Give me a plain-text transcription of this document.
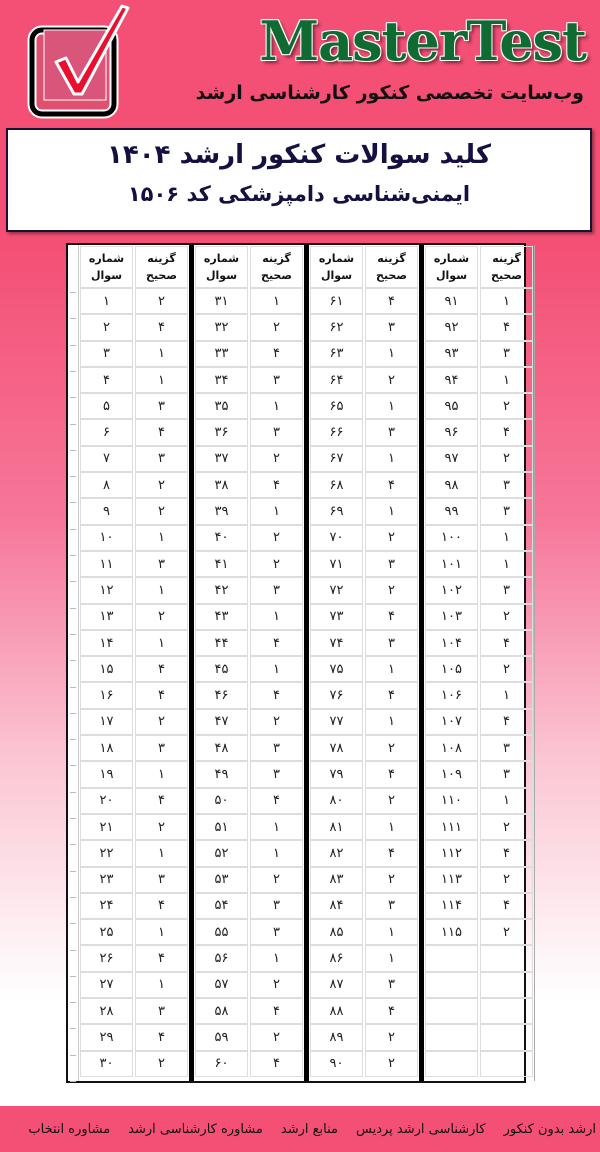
MasterTest
وب‌سایت تخصصی کنکور کارشناسی ارشد
کلید سوالات کنکور ارشد ۱۴۰۴
ایمنی‌شناسی دامپزشکی کد ۱۵۰۶
شماره
سوال
۱
۲
۳
۴
۵
۶
۷
۸
۹
۱۰
۱۱
۱۲
۱۳
۱۴
۱۵
۱۶
۱۷
۱۸
۱۹
۲۰
۲۱
۲۲
۲۳
۲۴
۲۵
۲۶
۲۷
۲۸
۲۹
۳۰
گزینه
صحیح
۲
۴
۱
۱
۳
۴
۳
۲
۲
۱
۳
۱
۲
۱
۴
۴
۲
۳
۱
۴
۲
۱
۳
۴
۱
۴
۱
۳
۴
۲
شماره
سوال
۳۱
۳۲
۳۳
۳۴
۳۵
۳۶
۳۷
۳۸
۳۹
۴۰
۴۱
۴۲
۴۳
۴۴
۴۵
۴۶
۴۷
۴۸
۴۹
۵۰
۵۱
۵۲
۵۳
۵۴
۵۵
۵۶
۵۷
۵۸
۵۹
۶۰
گزینه
صحیح
۱
۲
۴
۳
۱
۳
۲
۴
۱
۲
۲
۳
۱
۴
۱
۴
۲
۳
۳
۴
۱
۱
۲
۳
۳
۱
۲
۴
۲
۴
شماره
سوال
۶۱
۶۲
۶۳
۶۴
۶۵
۶۶
۶۷
۶۸
۶۹
۷۰
۷۱
۷۲
۷۳
۷۴
۷۵
۷۶
۷۷
۷۸
۷۹
۸۰
۸۱
۸۲
۸۳
۸۴
۸۵
۸۶
۸۷
۸۸
۸۹
۹۰
گزینه
صحیح
۴
۳
۱
۲
۱
۳
۱
۴
۱
۲
۳
۲
۴
۳
۱
۴
۱
۲
۴
۲
۱
۴
۲
۳
۱
۱
۳
۴
۲
۲
شماره
سوال
۹۱
۹۲
۹۳
۹۴
۹۵
۹۶
۹۷
۹۸
۹۹
۱۰۰
۱۰۱
۱۰۲
۱۰۳
۱۰۴
۱۰۵
۱۰۶
۱۰۷
۱۰۸
۱۰۹
۱۱۰
۱۱۱
۱۱۲
۱۱۳
۱۱۴
۱۱۵
گزینه
صحیح
۱
۴
۳
۱
۲
۴
۲
۳
۳
۱
۱
۳
۲
۴
۲
۱
۴
۳
۳
۱
۲
۴
۲
۴
۲
ارشد بدون کنکور
کارشناسی ارشد پردیس
منابع ارشد
مشاوره کارشناسی ارشد
مشاوره انتخاب
